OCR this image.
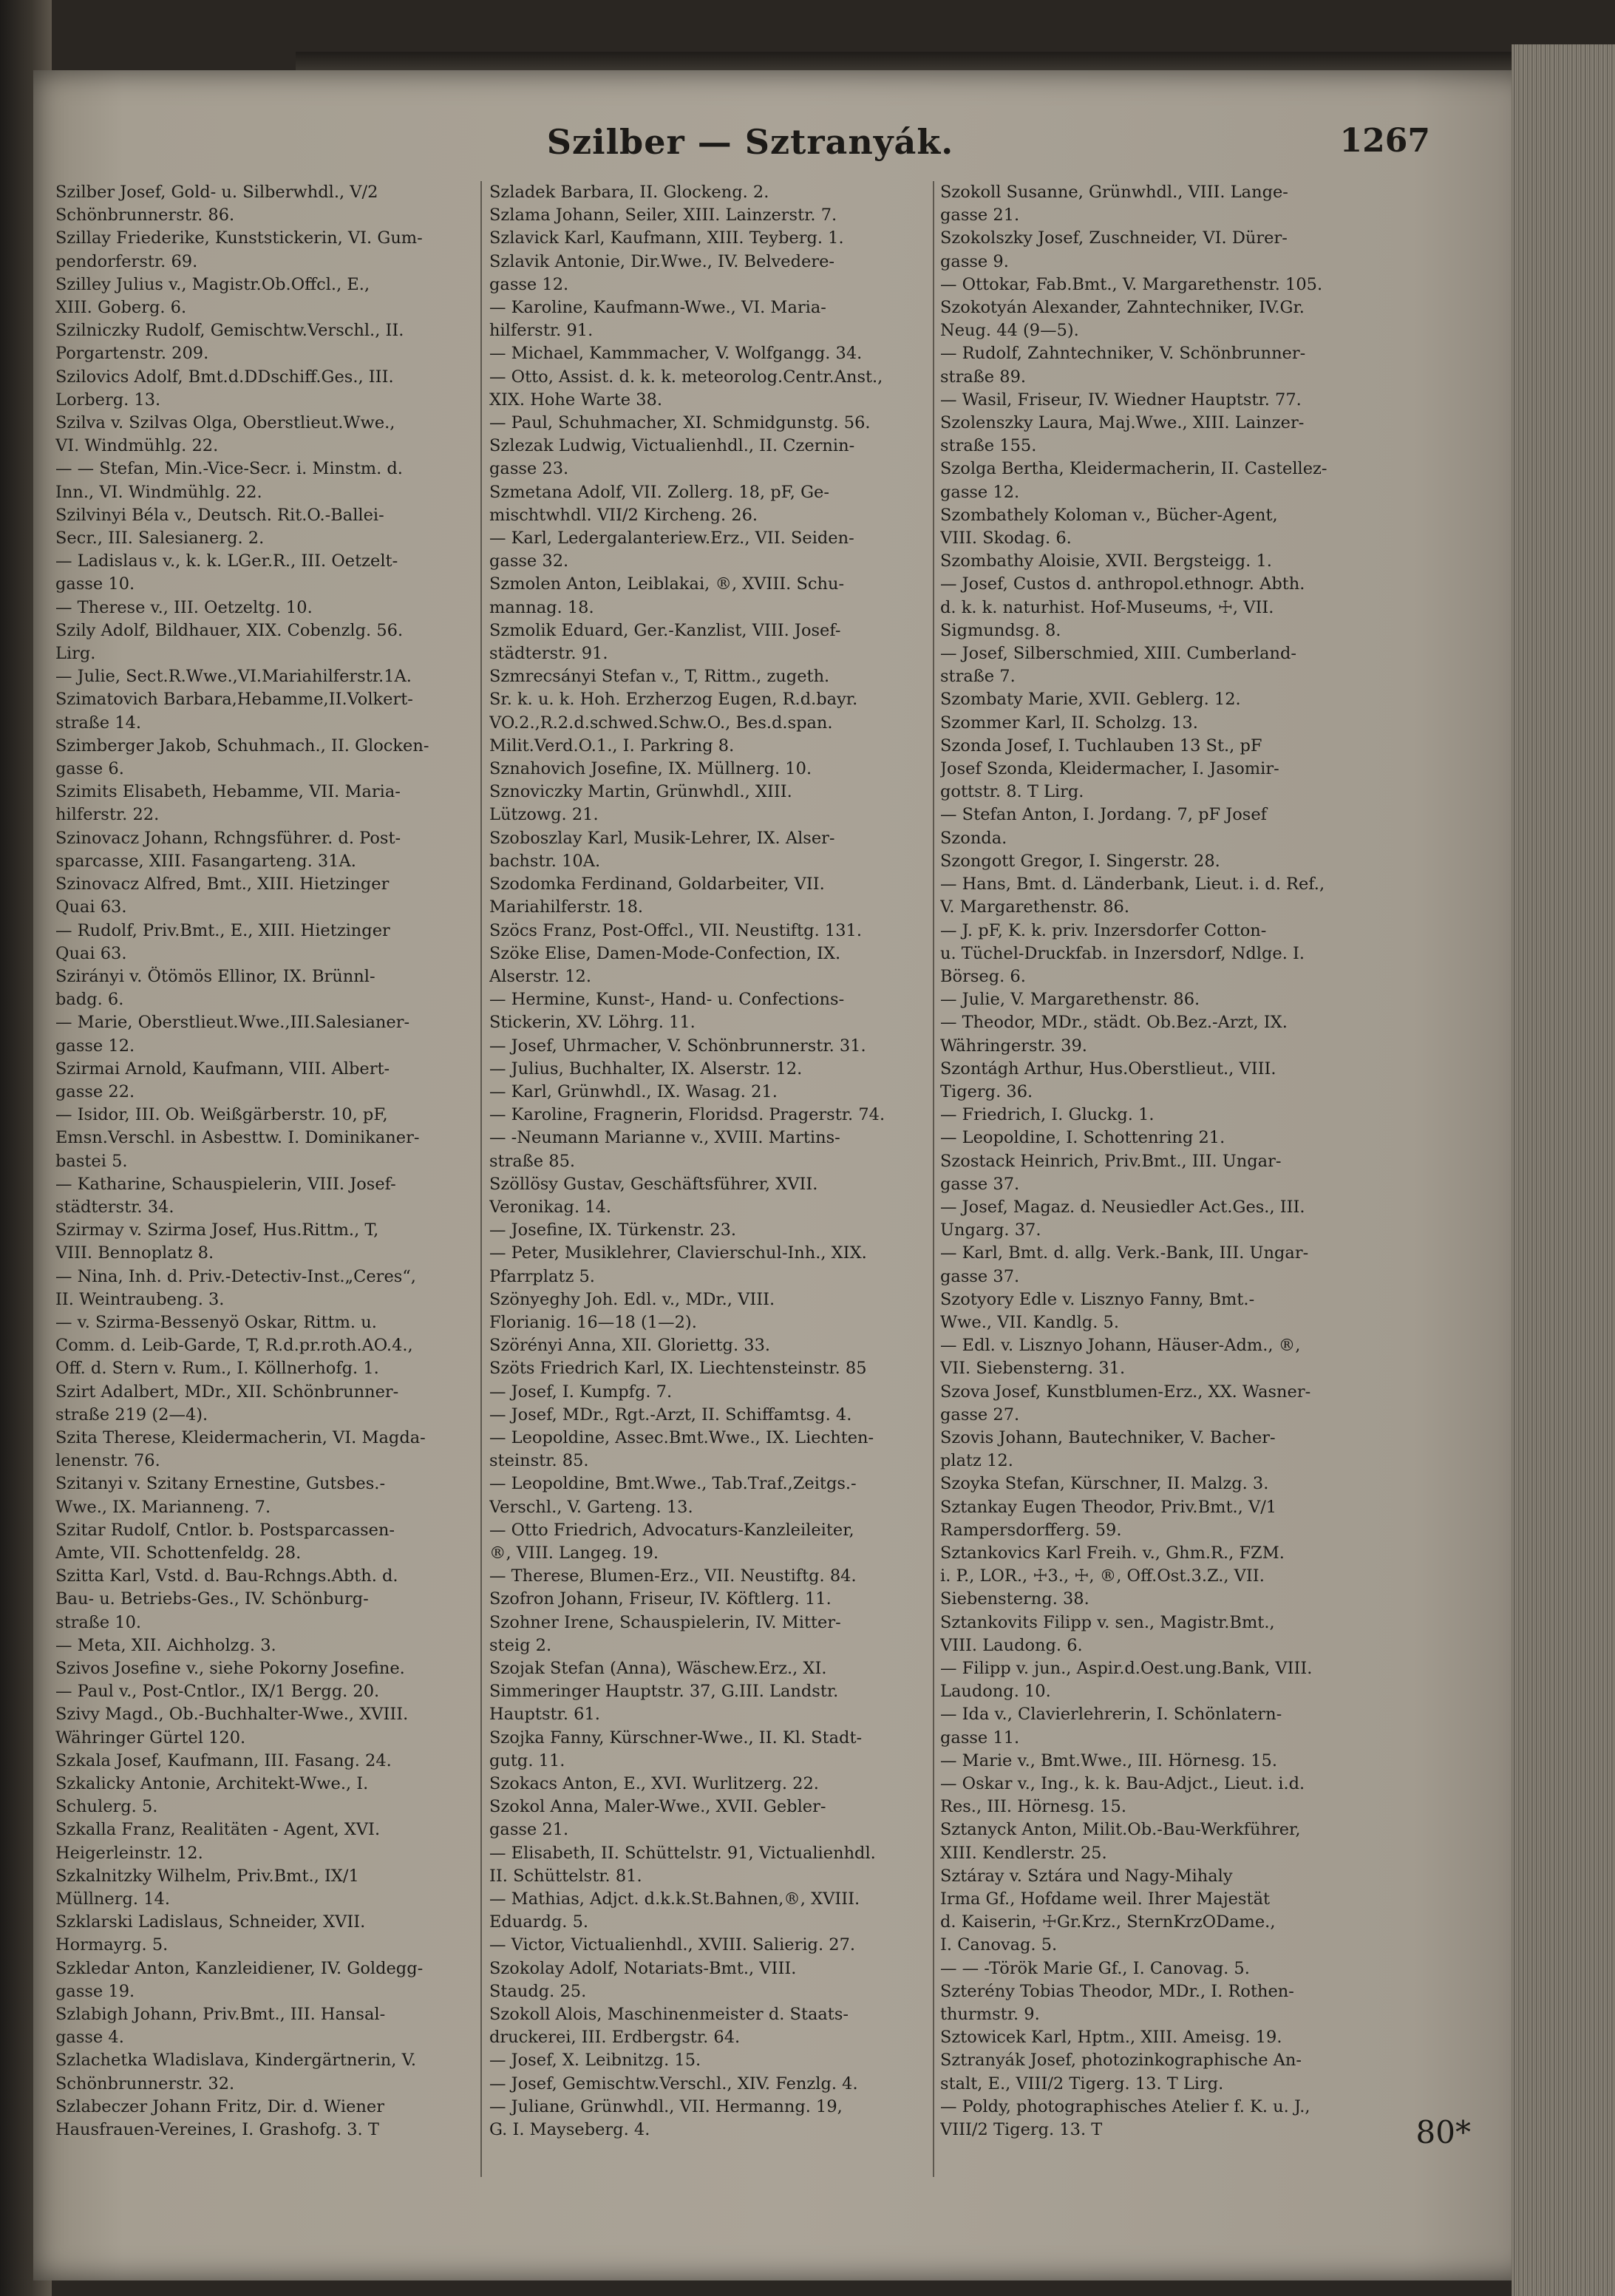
Szilber — Sztranyák.	1267
Szilber Josef, Gold- u. Silberwhdl., V/2
Schönbrunnerstr. 86.
Szillay Friederike, Kunststickerin, VI. Gum-
pendorferstr. 69.
Szilley Julius v., Magistr.Ob.Offcl., E.,
XIII. Goberg. 6.
Szilniczky Rudolf, Gemischtw.Verschl., II.
Porgartenstr. 209.
Szilovics Adolf, Bmt.d.DDschiff.Ges., III.
Lorberg. 13.
Szilva v. Szilvas Olga, Oberstlieut.Wwe.,
VI. Windmühlg. 22.
— — Stefan, Min.-Vice-Secr. i. Minstm. d.
Inn., VI. Windmühlg. 22.
Szilvinyi Béla v., Deutsch. Rit.O.-Ballei-
Secr., III. Salesianerg. 2.
— Ladislaus v., k. k. LGer.R., III. Oetzelt-
gasse 10.
— Therese v., III. Oetzeltg. 10.
Szily Adolf, Bildhauer, XIX. Cobenzlg. 56.
Lirg.
— Julie, Sect.R.Wwe.,VI.Mariahilferstr.1A.
Szimatovich Barbara,Hebamme,II.Volkert-
straße 14.
Szimberger Jakob, Schuhmach., II. Glocken-
gasse 6.
Szimits Elisabeth, Hebamme, VII. Maria-
hilferstr. 22.
Szinovacz Johann, Rchngsführer. d. Post-
sparcasse, XIII. Fasangarteng. 31A.
Szinovacz Alfred, Bmt., XIII. Hietzinger
Quai 63.
— Rudolf, Priv.Bmt., E., XIII. Hietzinger
Quai 63.
Szirányi v. Ötömös Ellinor, IX. Brünnl-
badg. 6.
— Marie, Oberstlieut.Wwe.,III.Salesianer-
gasse 12.
Szirmai Arnold, Kaufmann, VIII. Albert-
gasse 22.
— Isidor, III. Ob. Weißgärberstr. 10, pF,
Emsn.Verschl. in Asbesttw. I. Dominikaner-
bastei 5.
— Katharine, Schauspielerin, VIII. Josef-
städterstr. 34.
Szirmay v. Szirma Josef, Hus.Rittm., T,
VIII. Bennoplatz 8.
— Nina, Inh. d. Priv.-Detectiv-Inst.„Ceres“,
II. Weintraubeng. 3.
— v. Szirma-Bessenyö Oskar, Rittm. u.
Comm. d. Leib-Garde, T, R.d.pr.roth.AO.4.,
Off. d. Stern v. Rum., I. Köllnerhofg. 1.
Szirt Adalbert, MDr., XII. Schönbrunner-
straße 219 (2—4).
Szita Therese, Kleidermacherin, VI. Magda-
lenenstr. 76.
Szitanyi v. Szitany Ernestine, Gutsbes.-
Wwe., IX. Marianneng. 7.
Szitar Rudolf, Cntlor. b. Postsparcassen-
Amte, VII. Schottenfeldg. 28.
Szitta Karl, Vstd. d. Bau-Rchngs.Abth. d.
Bau- u. Betriebs-Ges., IV. Schönburg-
straße 10.
— Meta, XII. Aichholzg. 3.
Szivos Josefine v., siehe Pokorny Josefine.
— Paul v., Post-Cntlor., IX/1 Bergg. 20.
Szivy Magd., Ob.-Buchhalter-Wwe., XVIII.
Währinger Gürtel 120.
Szkala Josef, Kaufmann, III. Fasang. 24.
Szkalicky Antonie, Architekt-Wwe., I.
Schulerg. 5.
Szkalla Franz, Realitäten - Agent, XVI.
Heigerleinstr. 12.
Szkalnitzky Wilhelm, Priv.Bmt., IX/1
Müllnerg. 14.
Szklarski Ladislaus, Schneider, XVII.
Hormayrg. 5.
Szkledar Anton, Kanzleidiener, IV. Goldegg-
gasse 19.
Szlabigh Johann, Priv.Bmt., III. Hansal-
gasse 4.
Szlachetka Wladislava, Kindergärtnerin, V.
Schönbrunnerstr. 32.
Szlabeczer Johann Fritz, Dir. d. Wiener
Hausfrauen-Vereines, I. Grashofg. 3. T
Szladek Barbara, II. Glockeng. 2.
Szlama Johann, Seiler, XIII. Lainzerstr. 7.
Szlavick Karl, Kaufmann, XIII. Teyberg. 1.
Szlavik Antonie, Dir.Wwe., IV. Belvedere-
gasse 12.
— Karoline, Kaufmann-Wwe., VI. Maria-
hilferstr. 91.
— Michael, Kammmacher, V. Wolfgangg. 34.
— Otto, Assist. d. k. k. meteorolog.Centr.Anst.,
XIX. Hohe Warte 38.
— Paul, Schuhmacher, XI. Schmidgunstg. 56.
Szlezak Ludwig, Victualienhdl., II. Czernin-
gasse 23.
Szmetana Adolf, VII. Zollerg. 18, pF, Ge-
mischtwhdl. VII/2 Kircheng. 26.
— Karl, Ledergalanteriew.Erz., VII. Seiden-
gasse 32.
Szmolen Anton, Leiblakai, ®, XVIII. Schu-
mannag. 18.
Szmolik Eduard, Ger.-Kanzlist, VIII. Josef-
städterstr. 91.
Szmrecsányi Stefan v., T, Rittm., zugeth.
Sr. k. u. k. Hoh. Erzherzog Eugen, R.d.bayr.
VO.2.,R.2.d.schwed.Schw.O., Bes.d.span.
Milit.Verd.O.1., I. Parkring 8.
Sznahovich Josefine, IX. Müllnerg. 10.
Sznoviczky Martin, Grünwhdl., XIII.
Lützowg. 21.
Szoboszlay Karl, Musik-Lehrer, IX. Alser-
bachstr. 10A.
Szodomka Ferdinand, Goldarbeiter, VII.
Mariahilferstr. 18.
Szöcs Franz, Post-Offcl., VII. Neustiftg. 131.
Szöke Elise, Damen-Mode-Confection, IX.
Alserstr. 12.
— Hermine, Kunst-, Hand- u. Confections-
Stickerin, XV. Löhrg. 11.
— Josef, Uhrmacher, V. Schönbrunnerstr. 31.
— Julius, Buchhalter, IX. Alserstr. 12.
— Karl, Grünwhdl., IX. Wasag. 21.
— Karoline, Fragnerin, Floridsd. Pragerstr. 74.
— -Neumann Marianne v., XVIII. Martins-
straße 85.
Szöllösy Gustav, Geschäftsführer, XVII.
Veronikag. 14.
— Josefine, IX. Türkenstr. 23.
— Peter, Musiklehrer, Clavierschul-Inh., XIX.
Pfarrplatz 5.
Szönyeghy Joh. Edl. v., MDr., VIII.
Florianig. 16—18 (1—2).
Szörényi Anna, XII. Gloriettg. 33.
Szöts Friedrich Karl, IX. Liechtensteinstr. 85
— Josef, I. Kumpfg. 7.
— Josef, MDr., Rgt.-Arzt, II. Schiffamtsg. 4.
— Leopoldine, Assec.Bmt.Wwe., IX. Liechten-
steinstr. 85.
— Leopoldine, Bmt.Wwe., Tab.Traf.,Zeitgs.-
Verschl., V. Garteng. 13.
— Otto Friedrich, Advocaturs-Kanzleileiter,
®, VIII. Langeg. 19.
— Therese, Blumen-Erz., VII. Neustiftg. 84.
Szofron Johann, Friseur, IV. Köftlerg. 11.
Szohner Irene, Schauspielerin, IV. Mitter-
steig 2.
Szojak Stefan (Anna), Wäschew.Erz., XI.
Simmeringer Hauptstr. 37, G.III. Landstr.
Hauptstr. 61.
Szojka Fanny, Kürschner-Wwe., II. Kl. Stadt-
gutg. 11.
Szokacs Anton, E., XVI. Wurlitzerg. 22.
Szokol Anna, Maler-Wwe., XVII. Gebler-
gasse 21.
— Elisabeth, II. Schüttelstr. 91, Victualienhdl.
II. Schüttelstr. 81.
— Mathias, Adjct. d.k.k.St.Bahnen,®, XVIII.
Eduardg. 5.
— Victor, Victualienhdl., XVIII. Salierig. 27.
Szokolay Adolf, Notariats-Bmt., VIII.
Staudg. 25.
Szokoll Alois, Maschinenmeister d. Staats-
druckerei, III. Erdbergstr. 64.
— Josef, X. Leibnitzg. 15.
— Josef, Gemischtw.Verschl., XIV. Fenzlg. 4.
— Juliane, Grünwhdl., VII. Hermanng. 19,
G. I. Mayseberg. 4.
Szokoll Susanne, Grünwhdl., VIII. Lange-
gasse 21.
Szokolszky Josef, Zuschneider, VI. Dürer-
gasse 9.
— Ottokar, Fab.Bmt., V. Margarethenstr. 105.
Szokotyán Alexander, Zahntechniker, IV.Gr.
Neug. 44 (9—5).
— Rudolf, Zahntechniker, V. Schönbrunner-
straße 89.
— Wasil, Friseur, IV. Wiedner Hauptstr. 77.
Szolenszky Laura, Maj.Wwe., XIII. Lainzer-
straße 155.
Szolga Bertha, Kleidermacherin, II. Castellez-
gasse 12.
Szombathely Koloman v., Bücher-Agent,
VIII. Skodag. 6.
Szombathy Aloisie, XVII. Bergsteigg. 1.
— Josef, Custos d. anthropol.ethnogr. Abth.
d. k. k. naturhist. Hof-Museums, ☩, VII.
Sigmundsg. 8.
— Josef, Silberschmied, XIII. Cumberland-
straße 7.
Szombaty Marie, XVII. Geblerg. 12.
Szommer Karl, II. Scholzg. 13.
Szonda Josef, I. Tuchlauben 13 St., pF
Josef Szonda, Kleidermacher, I. Jasomir-
gottstr. 8. T Lirg.
— Stefan Anton, I. Jordang. 7, pF Josef
Szonda.
Szongott Gregor, I. Singerstr. 28.
— Hans, Bmt. d. Länderbank, Lieut. i. d. Ref.,
V. Margarethenstr. 86.
— J. pF, K. k. priv. Inzersdorfer Cotton-
u. Tüchel-Druckfab. in Inzersdorf, Ndlge. I.
Börseg. 6.
— Julie, V. Margarethenstr. 86.
— Theodor, MDr., städt. Ob.Bez.-Arzt, IX.
Währingerstr. 39.
Szontágh Arthur, Hus.Oberstlieut., VIII.
Tigerg. 36.
— Friedrich, I. Gluckg. 1.
— Leopoldine, I. Schottenring 21.
Szostack Heinrich, Priv.Bmt., III. Ungar-
gasse 37.
— Josef, Magaz. d. Neusiedler Act.Ges., III.
Ungarg. 37.
— Karl, Bmt. d. allg. Verk.-Bank, III. Ungar-
gasse 37.
Szotyory Edle v. Lisznyo Fanny, Bmt.-
Wwe., VII. Kandlg. 5.
— Edl. v. Lisznyo Johann, Häuser-Adm., ®,
VII. Siebensterng. 31.
Szova Josef, Kunstblumen-Erz., XX. Wasner-
gasse 27.
Szovis Johann, Bautechniker, V. Bacher-
platz 12.
Szoyka Stefan, Kürschner, II. Malzg. 3.
Sztankay Eugen Theodor, Priv.Bmt., V/1
Rampersdorfferg. 59.
Sztankovics Karl Freih. v., Ghm.R., FZM.
i. P., LOR., ☩3., ☩, ®, Off.Ost.3.Z., VII.
Siebensterng. 38.
Sztankovits Filipp v. sen., Magistr.Bmt.,
VIII. Laudong. 6.
— Filipp v. jun., Aspir.d.Oest.ung.Bank, VIII.
Laudong. 10.
— Ida v., Clavierlehrerin, I. Schönlatern-
gasse 11.
— Marie v., Bmt.Wwe., III. Hörnesg. 15.
— Oskar v., Ing., k. k. Bau-Adjct., Lieut. i.d.
Res., III. Hörnesg. 15.
Sztanyck Anton, Milit.Ob.-Bau-Werkführer,
XIII. Kendlerstr. 25.
Sztáray v. Sztára und Nagy-Mihaly
Irma Gf., Hofdame weil. Ihrer Majestät
d. Kaiserin, ☩Gr.Krz., SternKrzODame.,
I. Canovag. 5.
— — -Török Marie Gf., I. Canovag. 5.
Szterény Tobias Theodor, MDr., I. Rothen-
thurmstr. 9.
Sztowicek Karl, Hptm., XIII. Ameisg. 19.
Sztranyák Josef, photozinkographische An-
stalt, E., VIII/2 Tigerg. 13. T Lirg.
— Poldy, photographisches Atelier f. K. u. J.,
VIII/2 Tigerg. 13. T	80*
